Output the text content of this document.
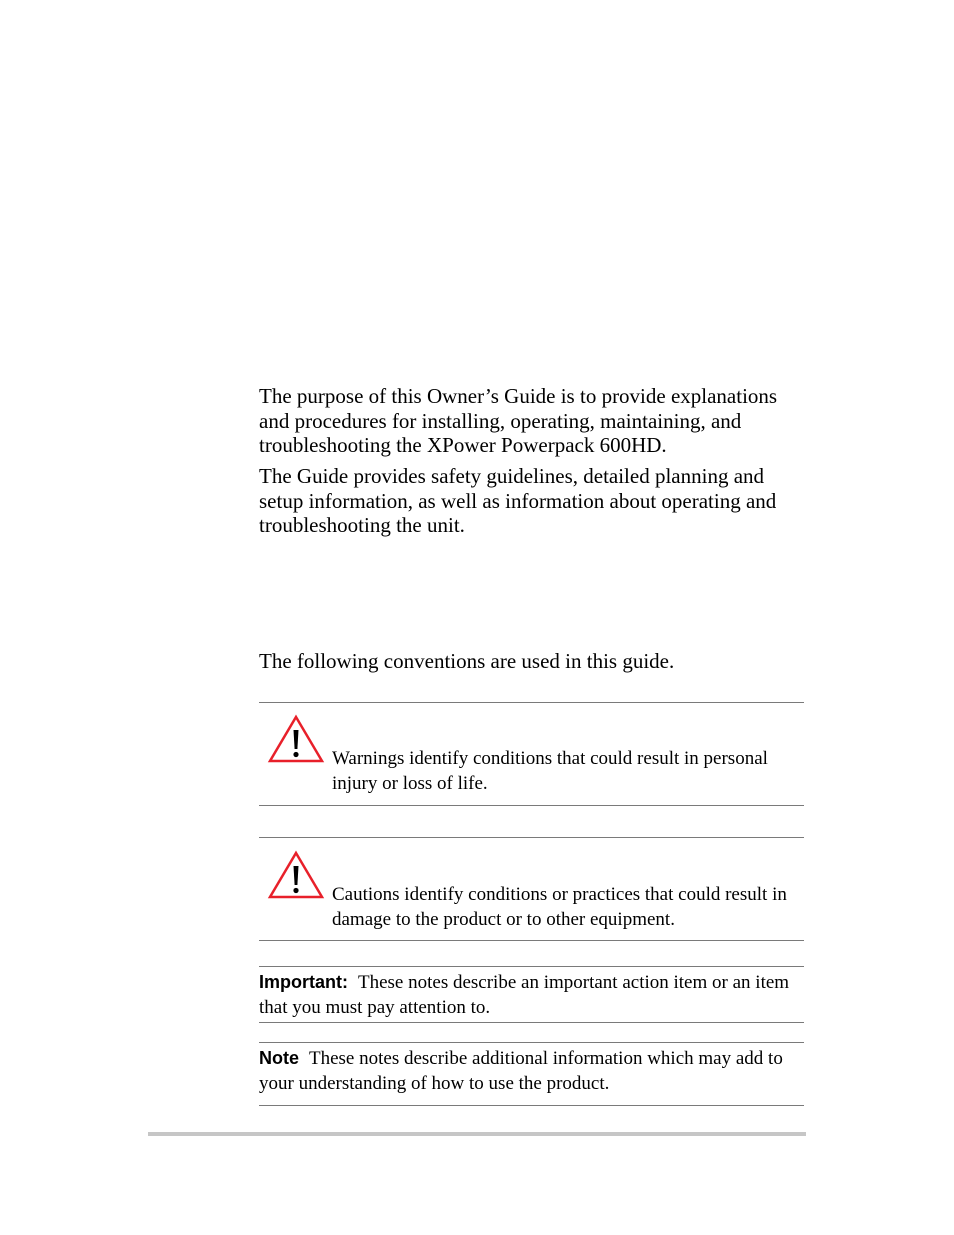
The purpose of this Owner’s Guide is to provide explanations and procedures for installing, operating, maintaining, and troubleshooting the XPower Powerpack 600HD.

The Guide provides safety guidelines, detailed planning and setup information, as well as information about operating and troubleshooting the unit.

The following conventions are used in this guide.

Warnings identify conditions that could result in personal injury or loss of life.

Cautions identify conditions or practices that could result in damage to the product or to other equipment.

Important: These notes describe an important action item or an item that you must pay attention to.

Note These notes describe additional information which may add to your understanding of how to use the product.
